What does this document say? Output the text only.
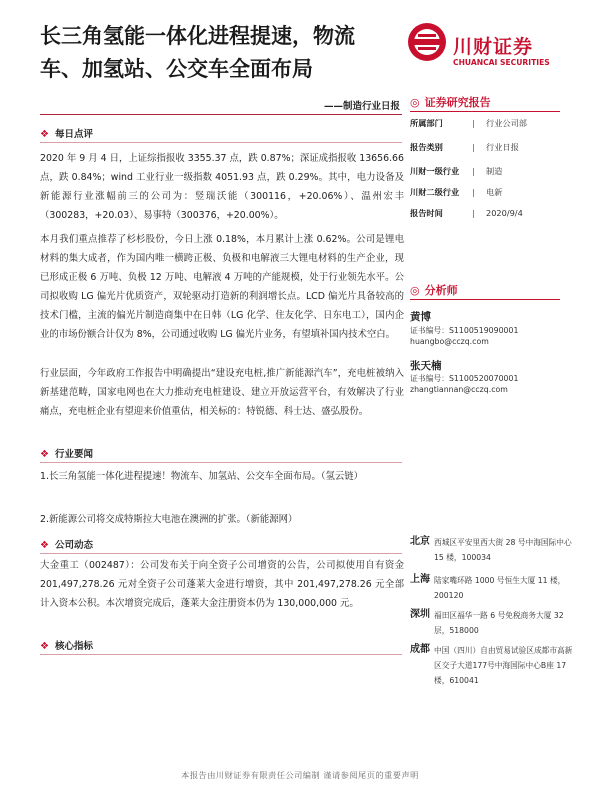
长三角氢能一体化进程提速，物流
车、加氢站、公交车全面布局
川财证券
CHUANCAI SECURITIES
——制造行业日报
❖ 每日点评

2020 年 9 月 4 日，上证综指报收 3355.37 点，跌 0.87%；深证成指报收 13656.66 点，跌 0.84%；wind 工业行业一级指数 4051.93 点，跌 0.29%。其中，电力设备及新能源行业涨幅前三的公司为：竖瑞沃能（300116，+20.06%）、温州宏丰（300283，+20.03）、易事特（300376，+20.00%）。

本月我们重点推荐了杉杉股份，今日上涨 0.18%，本月累计上涨 0.62%。公司是锂电材料的集大成者，作为国内唯一横跨正极、负极和电解液三大锂电材料的生产企业，现已形成正极 6 万吨、负极 12 万吨、电解液 4 万吨的产能规模，处于行业领先水平。公司拟收购 LG 偏光片优质资产，双轮驱动打造新的利润增长点。LCD 偏光片具备较高的技术门槛，主流的偏光片制造商集中在日韩（LG 化学、住友化学、日东电工），国内企业的市场份额合计仅为 8%，公司通过收购 LG 偏光片业务，有望填补国内技术空白。

行业层面，今年政府工作报告中明确提出“建设充电桩,推广新能源汽车”，充电桩被纳入新基建范畴，国家电网也在大力推动充电桩建设、建立开放运营平台，有效解决了行业痛点，充电桩企业有望迎来价值重估，相关标的：特锐德、科士达、盛弘股份。

❖ 行业要闻

1.长三角氢能一体化进程提速！物流车、加氢站、公交车全面布局。（氢云链）

2.新能源公司将交成特斯拉大电池在澳洲的扩张。（新能源网）

❖ 公司动态

大金重工（002487）：公司发布关于向全资子公司增资的公告，公司拟使用自有资金 201,497,278.26 元对全资子公司蓬莱大金进行增资，其中 201,497,278.26 元全部计入资本公积。本次增资完成后，蓬莱大金注册资本仍为 130,000,000 元。

❖ 核心指标
◎ 证券研究报告
所属部门	| 行业公司部
报告类别	| 行业日报
川财一级行业 | 制造
川财二级行业 | 电新
报告时间	| 2020/9/4
◎ 分析师
黄博
证书编号：S1100519090001
huangbo@cczq.com
张天楠
证书编号：S1100520070001
zhangtiannan@cczq.com
北京 西城区平安里西大街 28 号中海国际中心 15 楼，100034
上海 陆家嘴环路 1000 号恒生大厦 11 楼，200120
深圳 福田区福华一路 6 号免税商务大厦 32 层，518000
成都 中国（四川）自由贸易试验区成都市高新区交子大道177号中海国际中心B座 17 楼，610041
本报告由川财证券有限责任公司编制 谨请参阅尾页的重要声明
